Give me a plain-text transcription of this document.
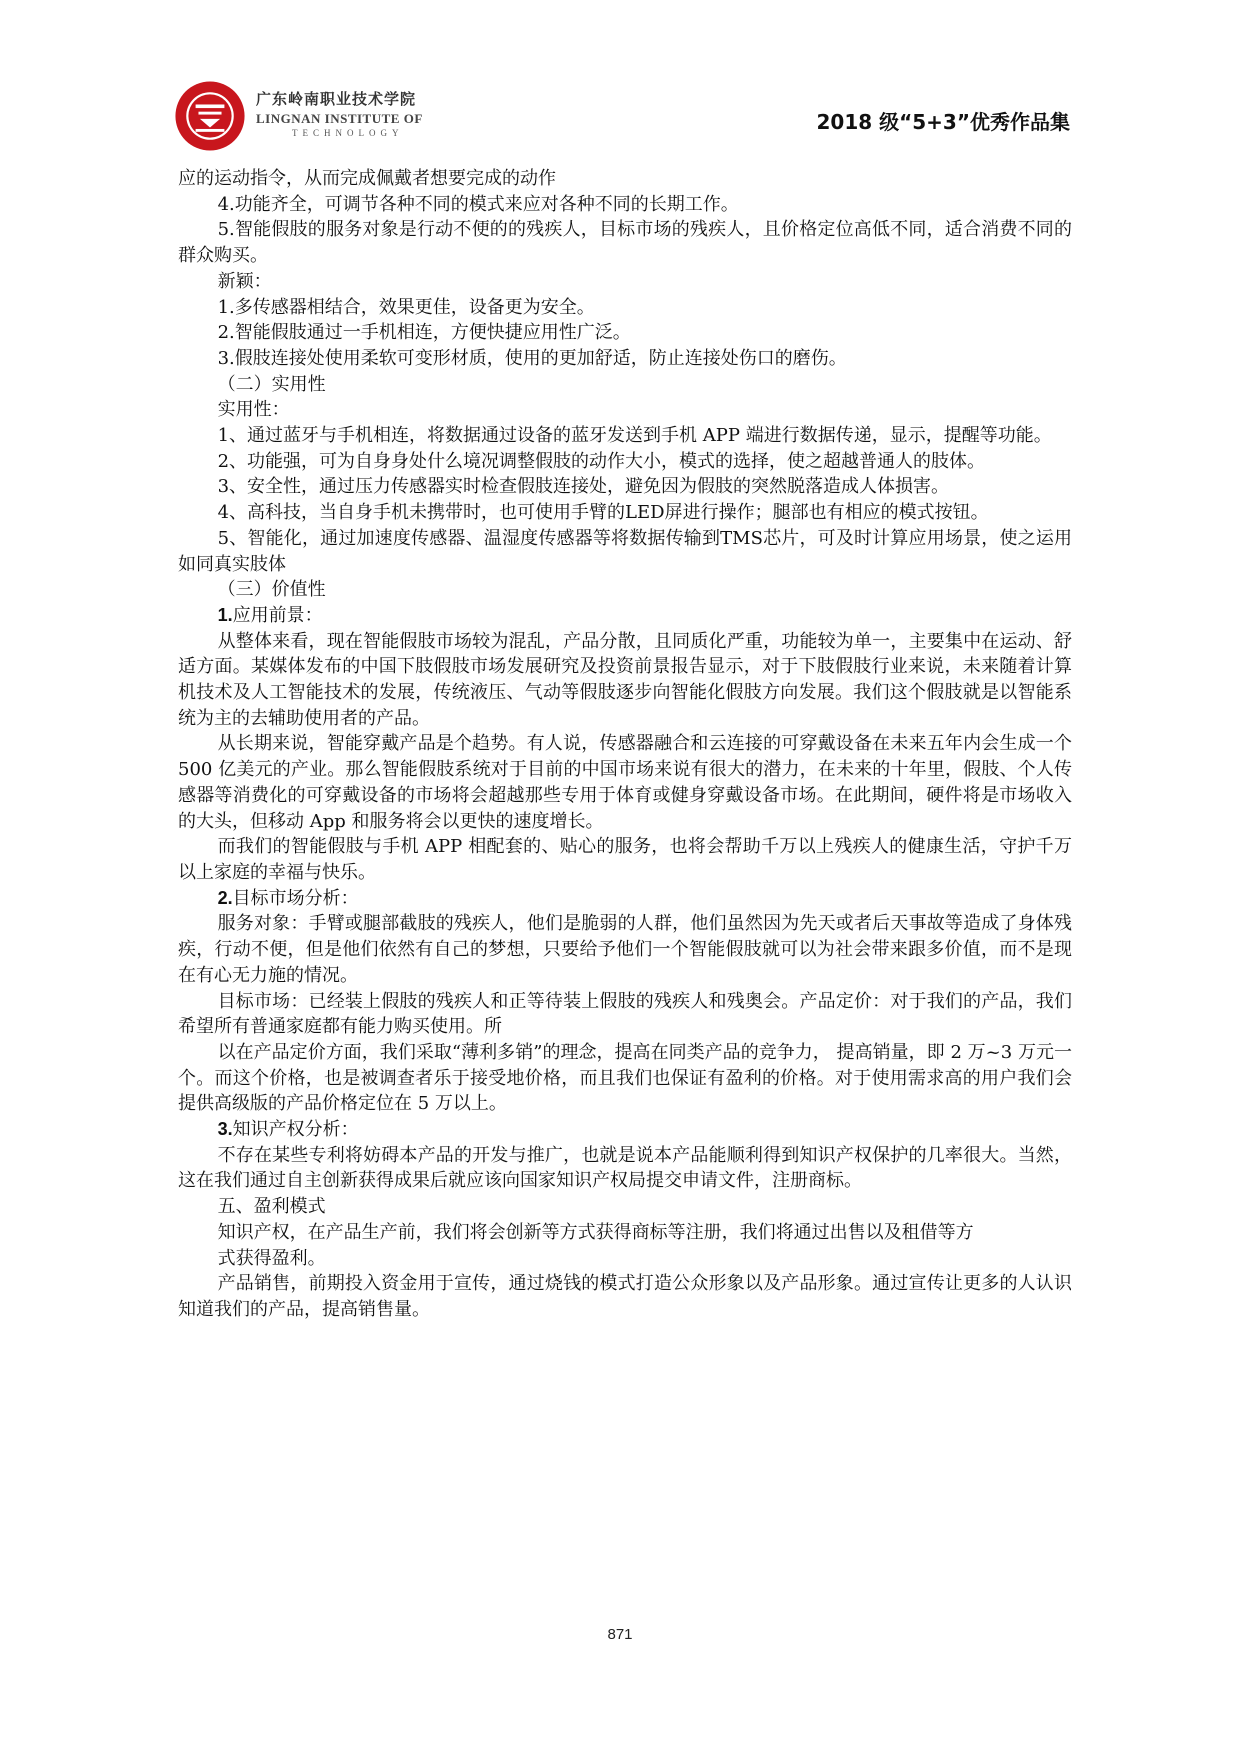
广东岭南职业技术学院
LINGNAN INSTITUTE OF
TECHNOLOGY	2018 级“5+3”优秀作品集

应的运动指令，从而完成佩戴者想要完成的动作

4.功能齐全，可调节各种不同的模式来应对各种不同的长期工作。

5.智能假肢的服务对象是行动不便的的残疾人，目标市场的残疾人，且价格定位高低不同，适合消费不同的群众购买。

新颖：

1.多传感器相结合，效果更佳，设备更为安全。

2.智能假肢通过一手机相连，方便快捷应用性广泛。

3.假肢连接处使用柔软可变形材质，使用的更加舒适，防止连接处伤口的磨伤。

（二）实用性

实用性：

1、通过蓝牙与手机相连，将数据通过设备的蓝牙发送到手机 APP 端进行数据传递，显示，提醒等功能。

2、功能强，可为自身身处什么境况调整假肢的动作大小，模式的选择，使之超越普通人的肢体。

3、安全性，通过压力传感器实时检查假肢连接处，避免因为假肢的突然脱落造成人体损害。

4、高科技，当自身手机未携带时，也可使用手臂的LED屏进行操作；腿部也有相应的模式按钮。

5、智能化，通过加速度传感器、温湿度传感器等将数据传输到TMS芯片，可及时计算应用场景，使之运用如同真实肢体

（三）价值性

1.应用前景：

从整体来看，现在智能假肢市场较为混乱，产品分散，且同质化严重，功能较为单一，主要集中在运动、舒适方面。某媒体发布的中国下肢假肢市场发展研究及投资前景报告显示，对于下肢假肢行业来说，未来随着计算机技术及人工智能技术的发展，传统液压、气动等假肢逐步向智能化假肢方向发展。我们这个假肢就是以智能系统为主的去辅助使用者的产品。

从长期来说，智能穿戴产品是个趋势。有人说，传感器融合和云连接的可穿戴设备在未来五年内会生成一个 500 亿美元的产业。那么智能假肢系统对于目前的中国市场来说有很大的潜力，在未来的十年里，假肢、个人传感器等消费化的可穿戴设备的市场将会超越那些专用于体育或健身穿戴设备市场。在此期间，硬件将是市场收入的大头，但移动 App 和服务将会以更快的速度增长。

而我们的智能假肢与手机 APP 相配套的、贴心的服务，也将会帮助千万以上残疾人的健康生活，守护千万以上家庭的幸福与快乐。

2.目标市场分析：

服务对象：手臂或腿部截肢的残疾人，他们是脆弱的人群，他们虽然因为先天或者后天事故等造成了身体残疾，行动不便，但是他们依然有自己的梦想，只要给予他们一个智能假肢就可以为社会带来跟多价值，而不是现在有心无力施的情况。

目标市场：已经装上假肢的残疾人和正等待装上假肢的残疾人和残奥会。产品定价：对于我们的产品，我们希望所有普通家庭都有能力购买使用。所

以在产品定价方面，我们采取“薄利多销”的理念，提高在同类产品的竞争力， 提高销量，即 2 万~3 万元一个。而这个价格，也是被调查者乐于接受地价格，而且我们也保证有盈利的价格。对于使用需求高的用户我们会提供高级版的产品价格定位在 5 万以上。

3.知识产权分析：

不存在某些专利将妨碍本产品的开发与推广，也就是说本产品能顺利得到知识产权保护的几率很大。当然，这在我们通过自主创新获得成果后就应该向国家知识产权局提交申请文件，注册商标。

五、盈利模式

知识产权，在产品生产前，我们将会创新等方式获得商标等注册，我们将通过出售以及租借等方

式获得盈利。

产品销售，前期投入资金用于宣传，通过烧钱的模式打造公众形象以及产品形象。通过宣传让更多的人认识知道我们的产品，提高销售量。

871
